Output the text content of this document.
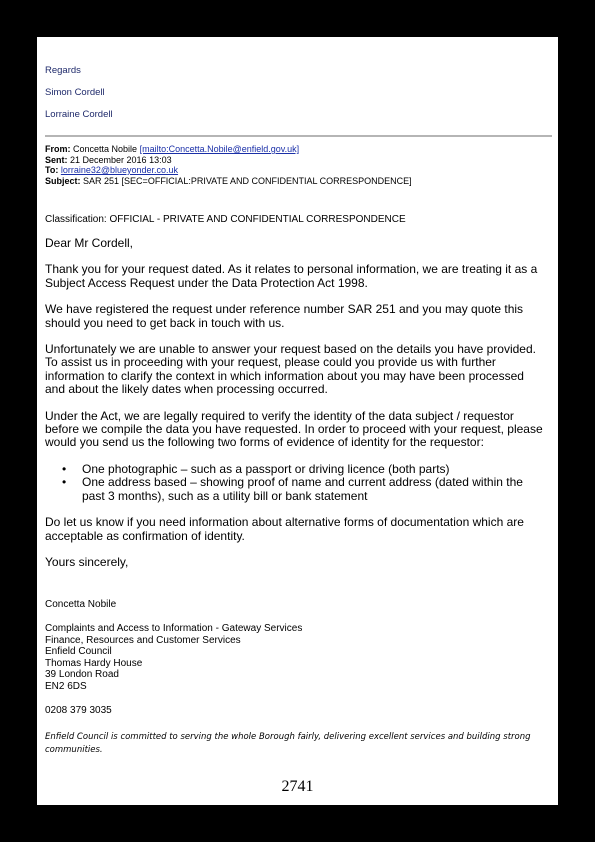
Regards
Simon Cordell
Lorraine Cordell
From: Concetta Nobile [mailto:Concetta.Nobile@enfield.gov.uk]
Sent: 21 December 2016 13:03
To: lorraine32@blueyonder.co.uk
Subject: SAR 251 [SEC=OFFICIAL:PRIVATE AND CONFIDENTIAL CORRESPONDENCE]
Classification: OFFICIAL - PRIVATE AND CONFIDENTIAL CORRESPONDENCE

Dear Mr Cordell,

Thank you for your request dated. As it relates to personal information, we are treating it as a Subject Access Request under the Data Protection Act 1998.

We have registered the request under reference number SAR 251 and you may quote this should you need to get back in touch with us.

Unfortunately we are unable to answer your request based on the details you have provided. To assist us in proceeding with your request, please could you provide us with further information to clarify the context in which information about you may have been processed and about the likely dates when processing occurred.

Under the Act, we are legally required to verify the identity of the data subject / requestor before we compile the data you have requested. In order to proceed with your request, please would you send us the following two forms of evidence of identity for the requestor:

• One photographic – such as a passport or driving licence (both parts)
• One address based – showing proof of name and current address (dated within the past 3 months), such as a utility bill or bank statement

Do let us know if you need information about alternative forms of documentation which are acceptable as confirmation of identity.

Yours sincerely,

Concetta Nobile
Complaints and Access to Information - Gateway Services
Finance, Resources and Customer Services
Enfield Council
Thomas Hardy House
39 London Road
EN2 6DS
0208 379 3035
Enfield Council is committed to serving the whole Borough fairly, delivering excellent services and building strong communities.
2741
